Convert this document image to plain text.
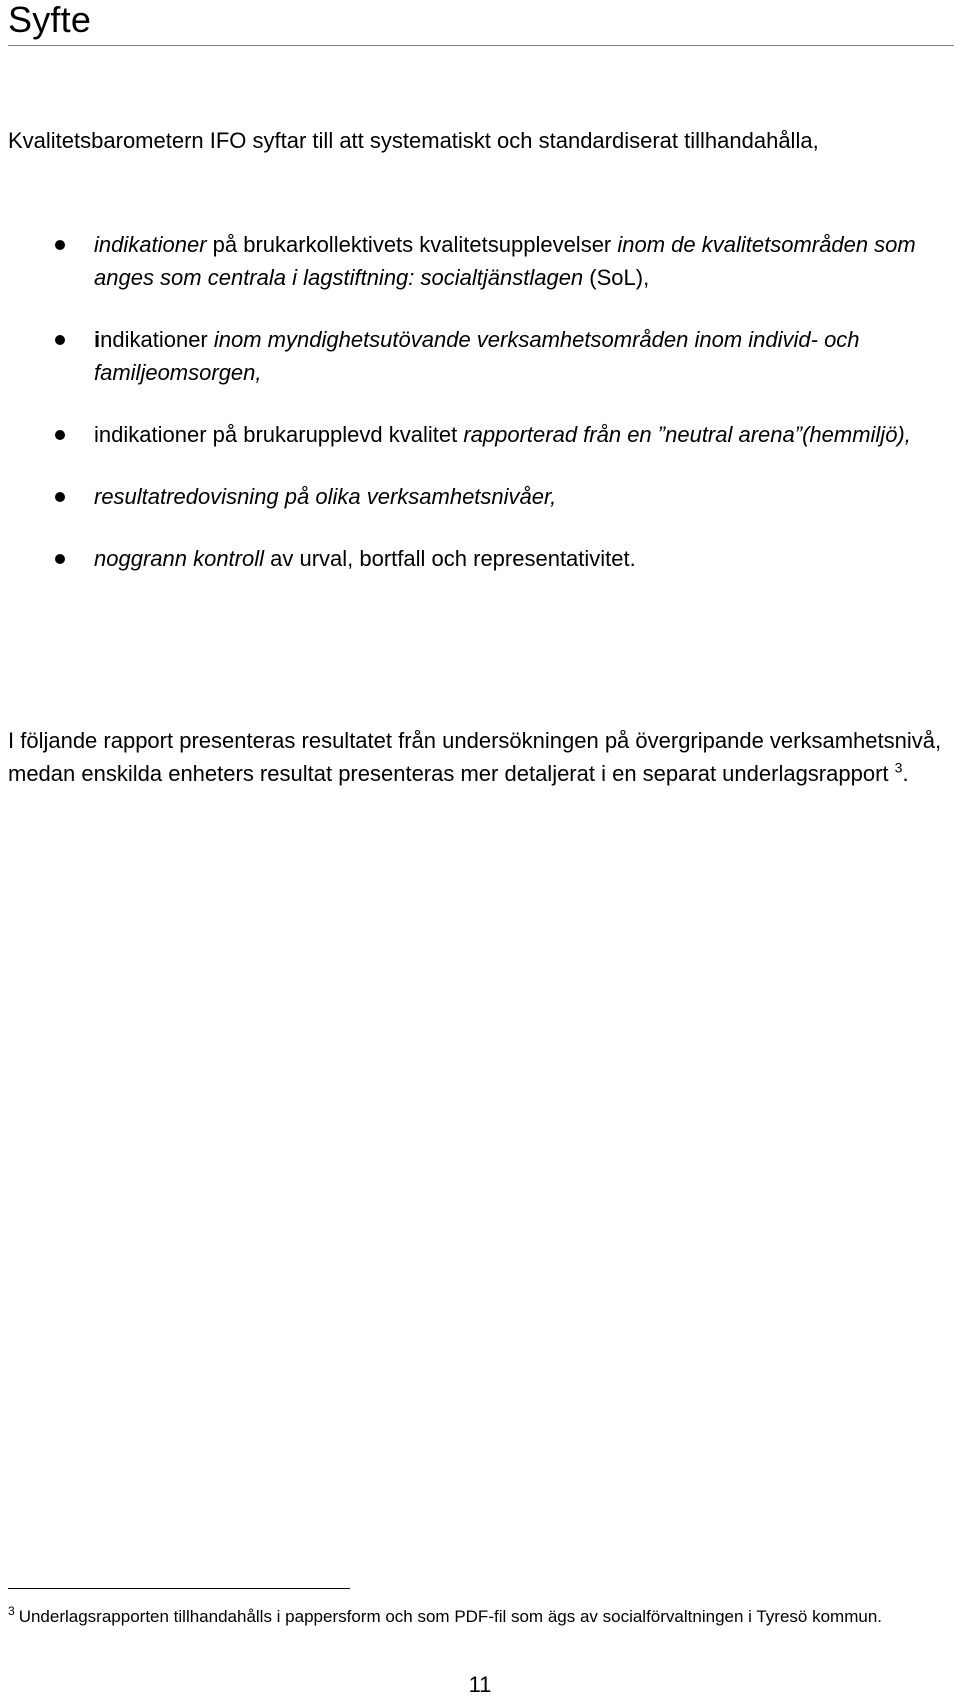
Syfte

Kvalitetsbarometern IFO syftar till att systematiskt och standardiserat tillhandahålla,

indikationer på brukarkollektivets kvalitetsupplevelser inom de kvalitetsområden som anges som centrala i lagstiftning: socialtjänstlagen (SoL),
indikationer inom myndighetsutövande verksamhetsområden inom individ- och familjeomsorgen,
indikationer på brukarupplevd kvalitet rapporterad från en ”neutral arena”(hemmiljö),
resultatredovisning på olika verksamhetsnivåer,
noggrann kontroll av urval, bortfall och representativitet.

I följande rapport presenteras resultatet från undersökningen på övergripande verksamhetsnivå, medan enskilda enheters resultat presenteras mer detaljerat i en separat underlagsrapport $^3$.

$^3$ Underlagsrapporten tillhandahålls i pappersform och som PDF-fil som ägs av socialförvaltningen i Tyresö kommun.

11
